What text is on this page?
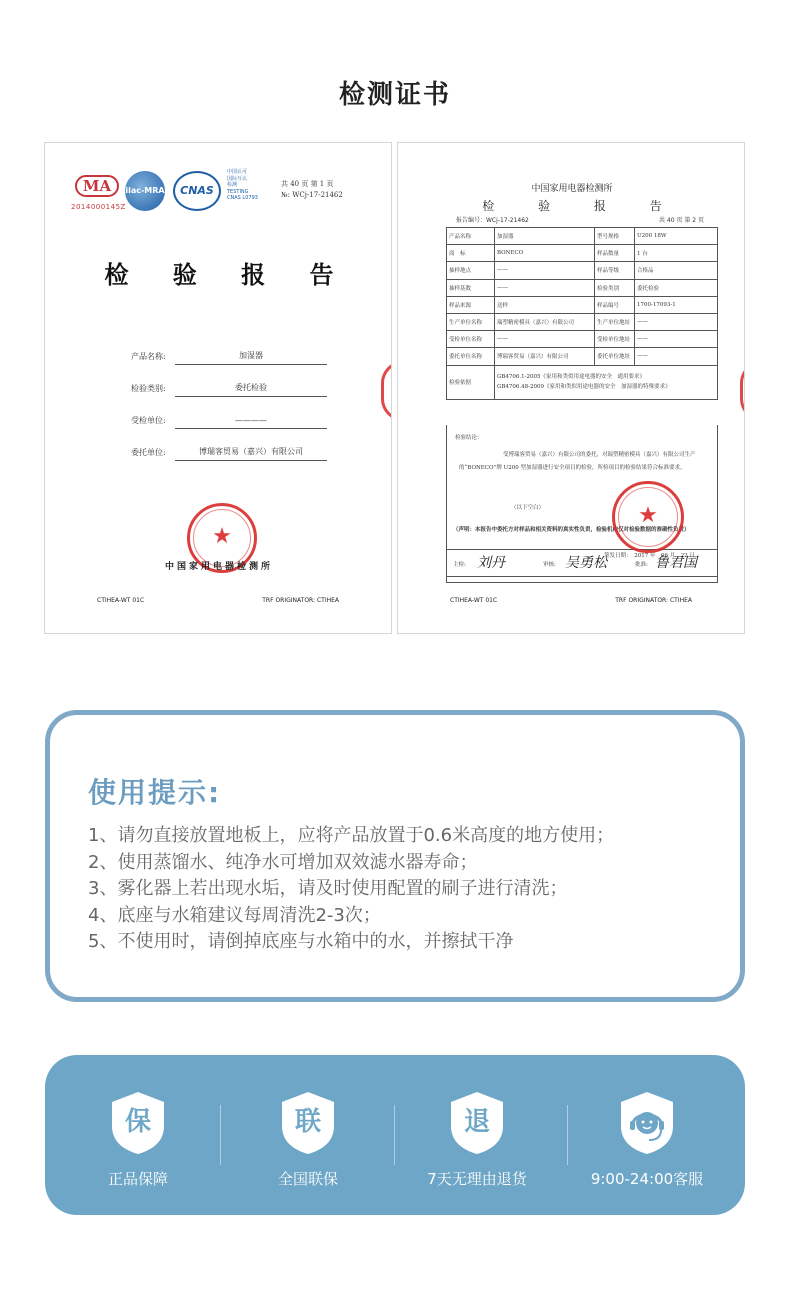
检测证书
MA
2014000145Z
ilac-MRA	CNAS
中国认可
国际互认
检测
TESTING
CNAS L0793
共 40 页 第 1 页
№: WCj-17-21462
检 验 报 告
产品名称:	加湿器
检验类别:	委托检验
受检单位:	————
委托单位:	博瑞客贸易（嘉兴）有限公司
★
中国家用电器检测所
CTIHEA-WT 01C	TRF ORIGINATOR: CTIHEA
中国家用电器检测所
检 验 报 告
报告编号：WCj-17-21462	共 40 页 第 2 页
产品名称	加湿器	型号规格	U200 18W
商　标	BONECO	样品数量	1 台
抽样地点	——	样品等级	合格品
抽样基数	——	检验类别	委托检验
样品来源	送样	样品编号	1700-17093-1
生产单位名称	瑞塑精密模具（嘉兴）有限公司	生产单位地址	——
受检单位名称	——	受检单位地址	——
委托单位名称	博瑞客贸易（嘉兴）有限公司	委托单位地址	——
检验依据	GB4706.1-2005《家用和类似用途电器的安全　通用要求》
GB4706.48-2009《家用和类似用途电器的安全　加湿器的特殊要求》		
检验结论：
受博瑞客贸易（嘉兴）有限公司的委托，对瑞塑精密模具（嘉兴）有限公司生产的“BONECO”牌 U200 型加湿器进行安全项目的检验，所检项目的检验结果符合标准要求。
（以下空白）
（声明：本报告中委托方对样品和相关资料的真实性负责，检验机构仅对检验数据的准确性负责）
签发日期：　2017 年　06 月　22 日
主检: 刘丹	审核: 吴勇松	批准: 鲁君国
★
CTIHEA-WT 01C	TRF ORIGINATOR: CTIHEA
使用提示:
1、请勿直接放置地板上，应将产品放置于0.6米高度的地方使用；
2、使用蒸馏水、纯净水可增加双效滤水器寿命；
3、雾化器上若出现水垢，请及时使用配置的刷子进行清洗；
4、底座与水箱建议每周清洗2-3次；
5、不使用时，请倒掉底座与水箱中的水，并擦拭干净
保
正品保障
联
全国联保
退
7天无理由退货	9:00-24:00客服
